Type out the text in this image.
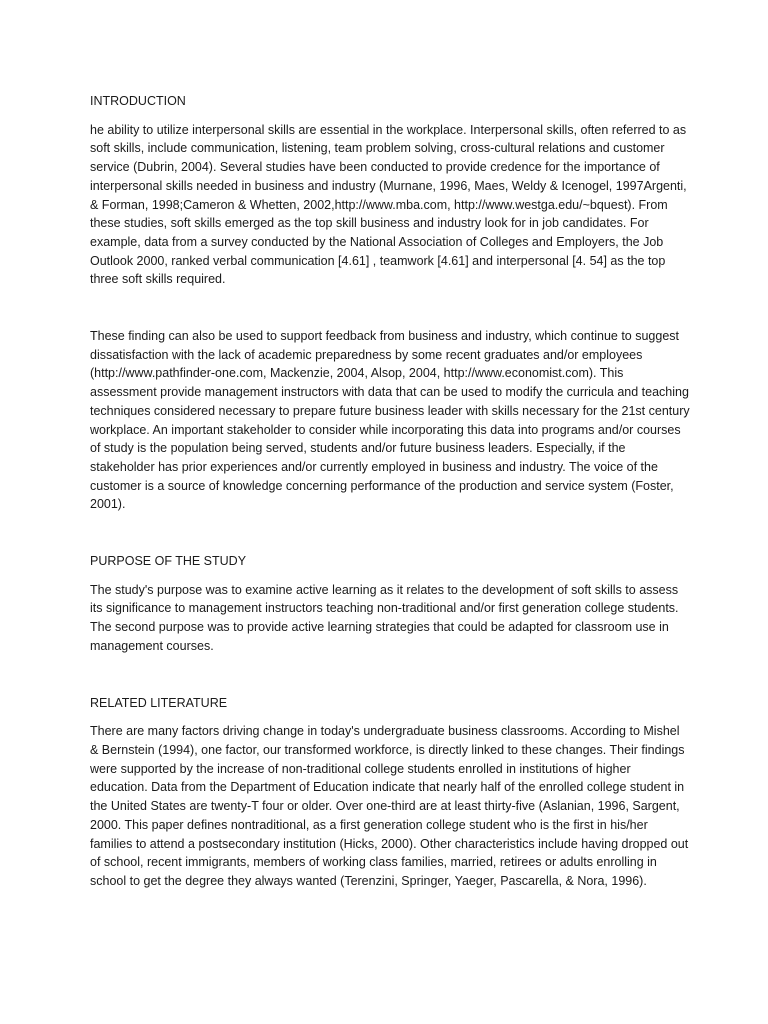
INTRODUCTION

he ability to utilize interpersonal skills are essential in the workplace. Interpersonal skills, often referred to as soft skills, include communication, listening, team problem solving, cross-cultural relations and customer service (Dubrin, 2004). Several studies have been conducted to provide credence for the importance of interpersonal skills needed in business and industry (Murnane, 1996, Maes, Weldy & Icenogel, 1997Argenti, & Forman, 1998;Cameron & Whetten, 2002,http://www.mba.com, http://www.westga.edu/~bquest). From these studies, soft skills emerged as the top skill business and industry look for in job candidates. For example, data from a survey conducted by the National Association of Colleges and Employers, the Job Outlook 2000, ranked verbal communication [4.61] , teamwork [4.61] and interpersonal [4. 54] as the top three soft skills required.

These finding can also be used to support feedback from business and industry, which continue to suggest dissatisfaction with the lack of academic preparedness by some recent graduates and/or employees (http://www.pathfinder-one.com, Mackenzie, 2004, Alsop, 2004, http://www.economist.com). This assessment provide management instructors with data that can be used to modify the curricula and teaching techniques considered necessary to prepare future business leader with skills necessary for the 21st century workplace. An important stakeholder to consider while incorporating this data into programs and/or courses of study is the population being served, students and/or future business leaders. Especially, if the stakeholder has prior experiences and/or currently employed in business and industry. The voice of the customer is a source of knowledge concerning performance of the production and service system (Foster, 2001).

PURPOSE OF THE STUDY

The study's purpose was to examine active learning as it relates to the development of soft skills to assess its significance to management instructors teaching non-traditional and/or first generation college students. The second purpose was to provide active learning strategies that could be adapted for classroom use in management courses.

RELATED LITERATURE

There are many factors driving change in today's undergraduate business classrooms. According to Mishel & Bernstein (1994), one factor, our transformed workforce, is directly linked to these changes. Their findings were supported by the increase of non-traditional college students enrolled in institutions of higher education. Data from the Department of Education indicate that nearly half of the enrolled college student in the United States are twenty-T four or older. Over one-third are at least thirty-five (Aslanian, 1996, Sargent, 2000. This paper defines nontraditional, as a first generation college student who is the first in his/her families to attend a postsecondary institution (Hicks, 2000). Other characteristics include having dropped out of school, recent immigrants, members of working class families, married, retirees or adults enrolling in school to get the degree they always wanted (Terenzini, Springer, Yaeger, Pascarella, & Nora, 1996).
